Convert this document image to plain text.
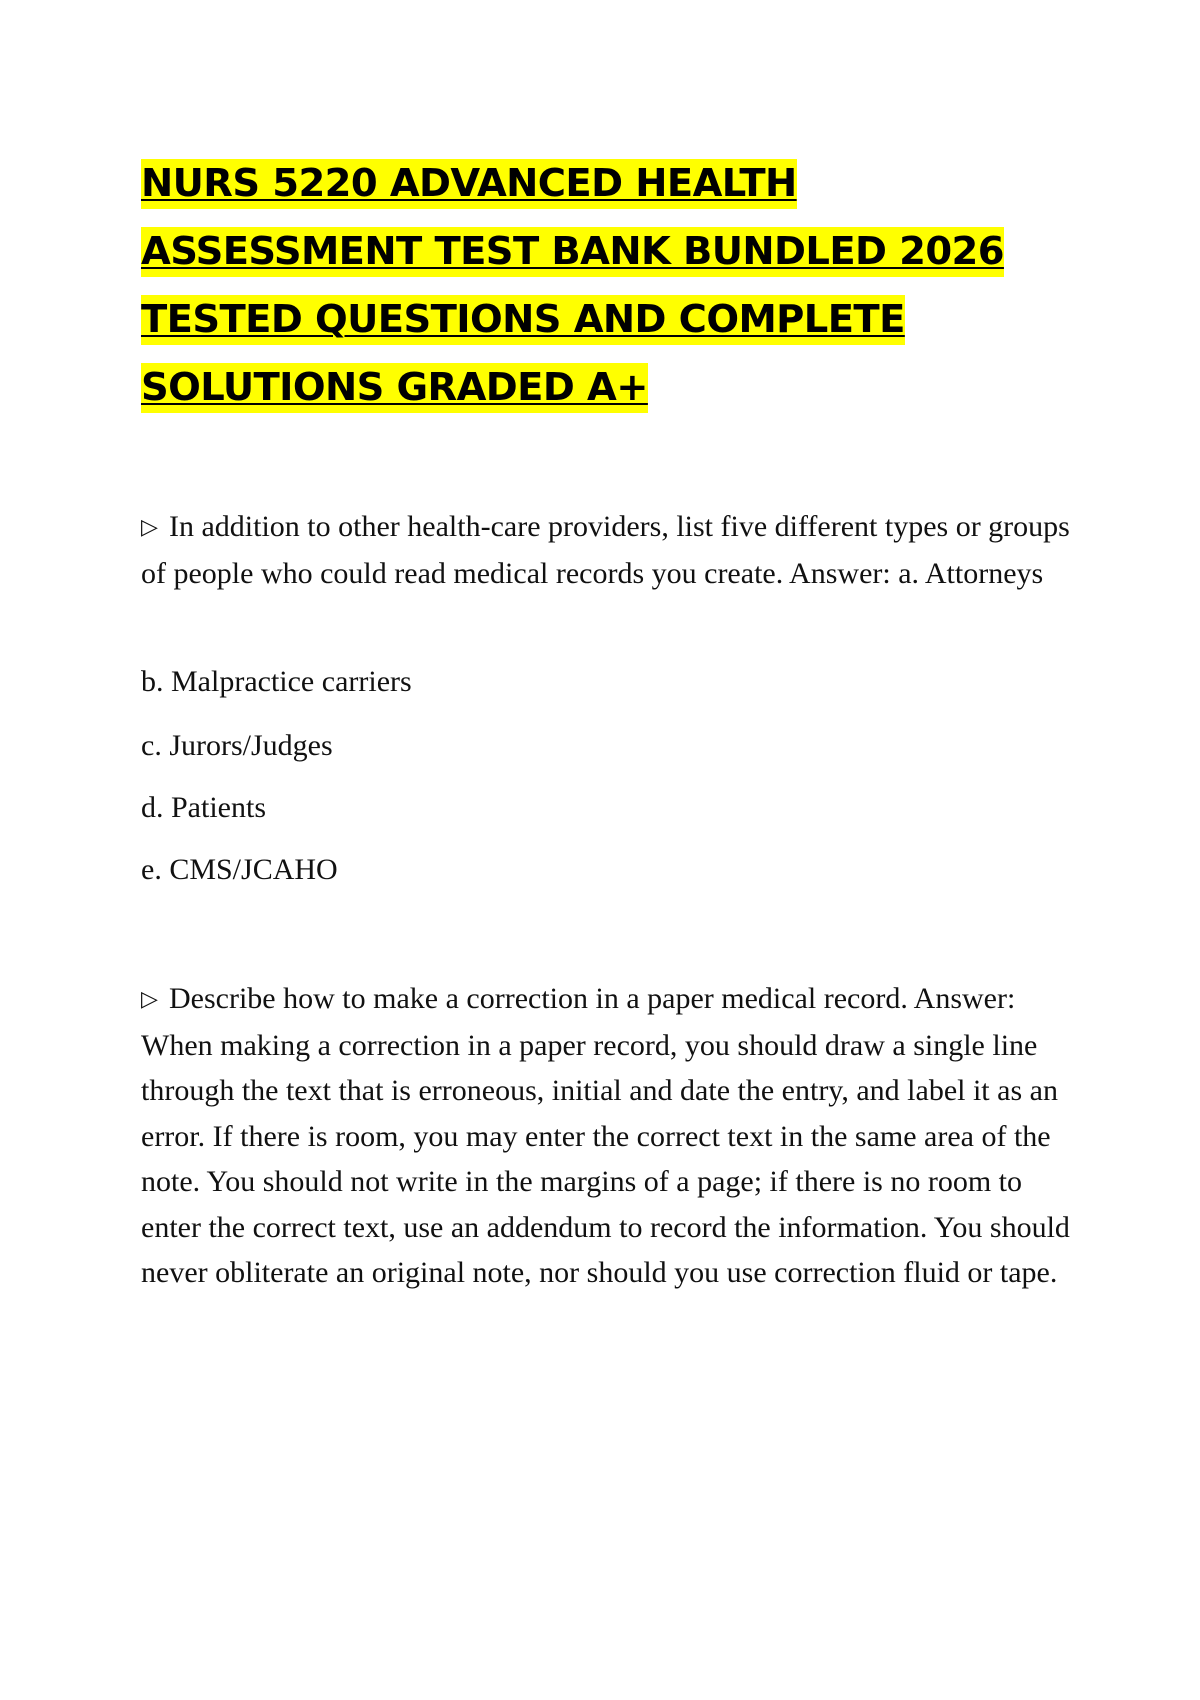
NURS 5220 ADVANCED HEALTH

ASSESSMENT TEST BANK BUNDLED 2026

TESTED QUESTIONS AND COMPLETE

SOLUTIONS GRADED A+

▷ In addition to other health-care providers, list five different types or groups of people who could read medical records you create. Answer: a. Attorneys

b. Malpractice carriers
c. Jurors/Judges
d. Patients
e. CMS/JCAHO

▷ Describe how to make a correction in a paper medical record. Answer: When making a correction in a paper record, you should draw a single line through the text that is erroneous, initial and date the entry, and label it as an error. If there is room, you may enter the correct text in the same area of the note. You should not write in the margins of a page; if there is no room to enter the correct text, use an addendum to record the information. You should never obliterate an original note, nor should you use correction fluid or tape.
